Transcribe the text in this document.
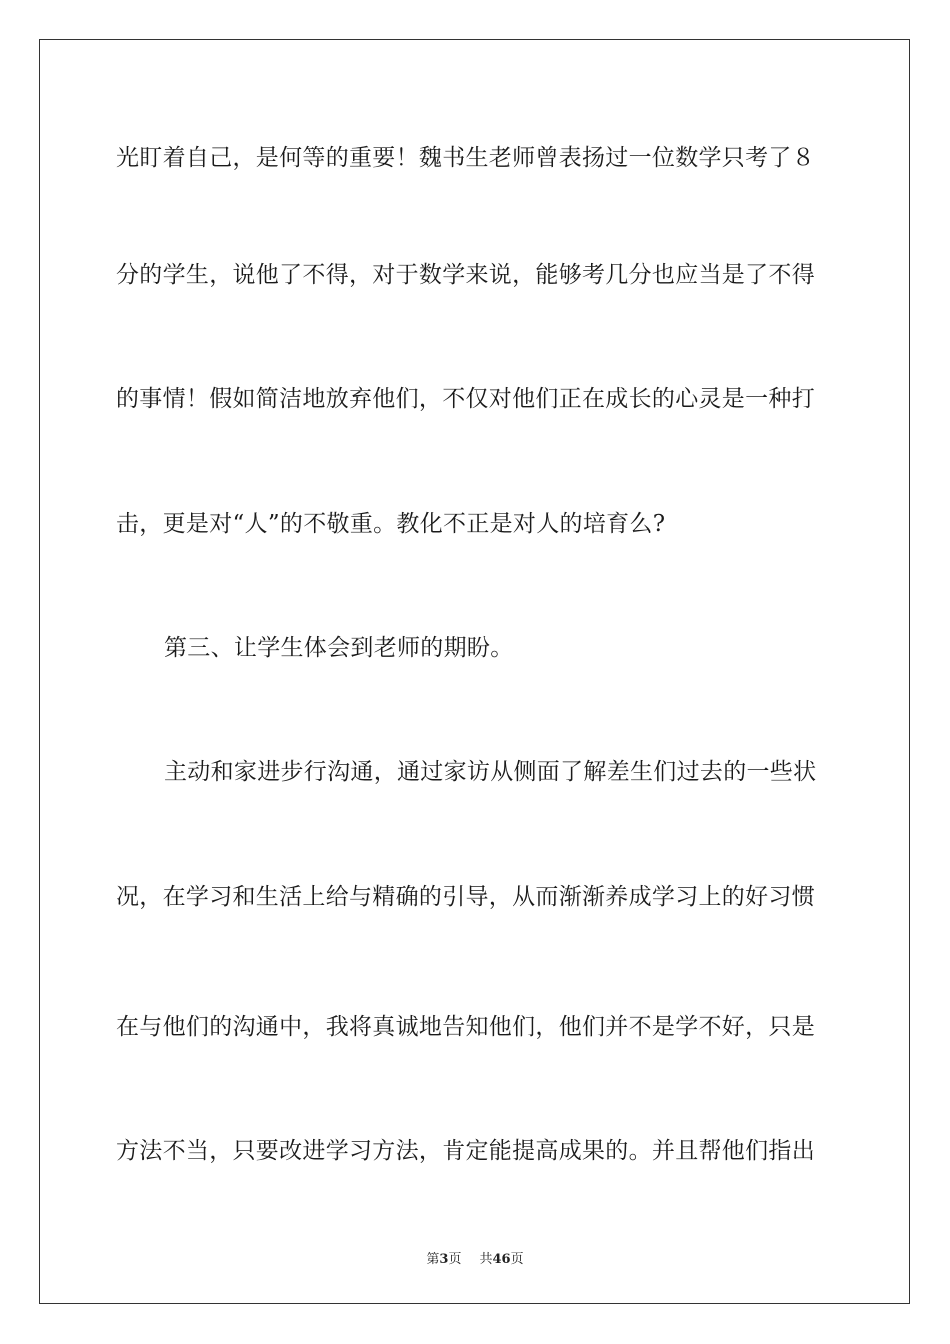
光盯着自己，是何等的重要！魏书生老师曾表扬过一位数学只考了８
分的学生，说他了不得，对于数学来说，能够考几分也应当是了不得
的事情！假如简洁地放弃他们，不仅对他们正在成长的心灵是一种打
击，更是对“人”的不敬重。教化不正是对人的培育么?
第三、让学生体会到老师的期盼。
主动和家进步行沟通，通过家访从侧面了解差生们过去的一些状
况，在学习和生活上给与精确的引导，从而渐渐养成学习上的好习惯
在与他们的沟通中，我将真诚地告知他们，他们并不是学不好，只是
方法不当，只要改进学习方法，肯定能提高成果的。并且帮他们指出
第3页 共46页
